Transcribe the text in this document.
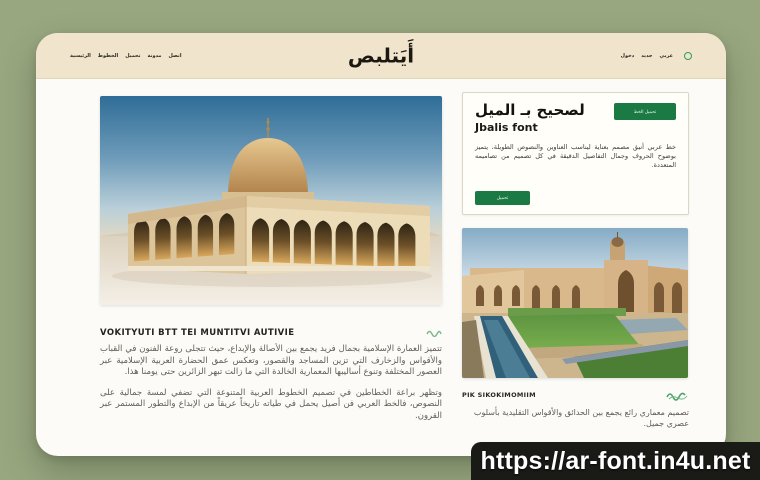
الرئيسية الخطوط تحميل مدونة اتصل	أَيَتلبص	دخول جديد عربي
VOKITYUTI BTT TEI MUNTITVI AUTIVIE

تتميز العمارة الإسلامية بجمال فريد يجمع بين الأصالة والإبداع، حيث تتجلى روعة الفنون في القباب والأقواس والزخارف التي تزين المساجد والقصور، وتعكس عمق الحضارة العربية الإسلامية عبر العصور المختلفة وتنوع أساليبها المعمارية الخالدة التي ما زالت تبهر الزائرين حتى يومنا هذا.

وتظهر براعة الخطاطين في تصميم الخطوط العربية المتنوعة التي تضفي لمسة جمالية على النصوص، فالخط العربي فن أصيل يحمل في طياته تاريخاً عريقاً من الإبداع والتطور المستمر عبر القرون.

لصحيح بـ الميل
Jbalis font
تحميل الخط

خط عربي أنيق مصمم بعناية ليناسب العناوين والنصوص الطويلة، يتميز بوضوح الحروف وجمال التفاصيل الدقيقة في كل تصميم من تصاميمه المتعددة.

تحميل
PIK SIKOKIMOMIIM

تصميم معماري رائع يجمع بين الحدائق والأقواس التقليدية بأسلوب عصري جميل.

https://ar-font.in4u.net
